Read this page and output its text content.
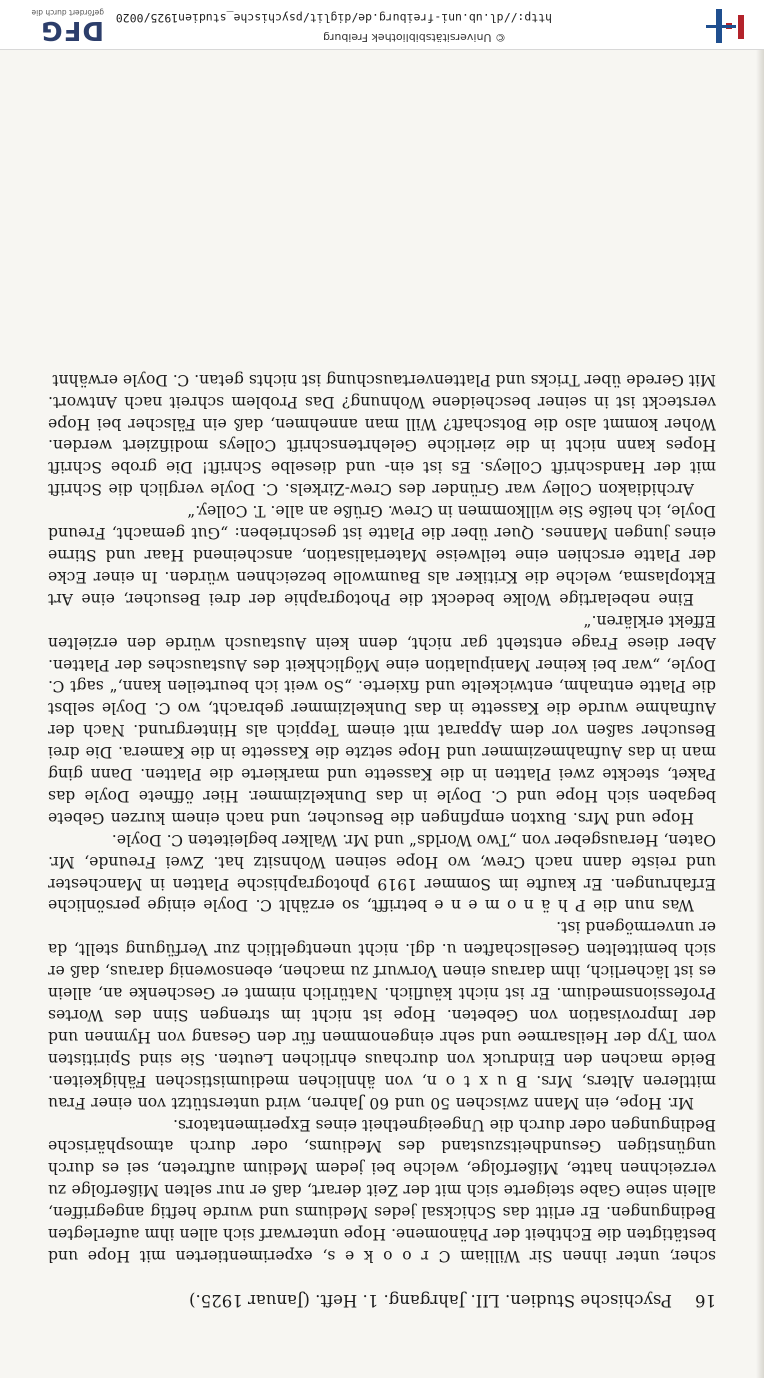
16
Psychische Studien. LII. Jahrgang. 1. Heft. (Januar 1925.)

scher, unter ihnen Sir William C r o o k e s, experimentierten mit Hope und bestätigten die Echtheit der Phänomene. Hope unterwarf sich allen ihm auferlegten Bedingungen. Er erlitt das Schicksal jedes Mediums und wurde heftig angegriffen, allein seine Gabe steigerte sich mit der Zeit derart, daß er nur selten Mißerfolge zu verzeichnen hatte, Mißerfolge, welche bei jedem Medium auftreten, sei es durch ungünstigen Gesundheitszustand des Mediums, oder durch atmosphärische Bedingungen oder durch die Ungeeignetheit eines Experimentators.

Mr. Hope, ein Mann zwischen 50 und 60 Jahren, wird unterstützt von einer Frau mittleren Alters, Mrs. B u x t o n, von ähnlichen mediumistischen Fähigkeiten. Beide machen den Eindruck von durchaus ehrlichen Leuten. Sie sind Spiritisten vom Typ der Heilsarmee und sehr eingenommen für den Gesang von Hymnen und der Improvisation von Gebeten. Hope ist nicht im strengen Sinn des Wortes Professionsmedium. Er ist nicht käuflich. Natürlich nimmt er Geschenke an, allein es ist lächerlich, ihm daraus einen Vorwurf zu machen, ebensowenig daraus, daß er sich bemittelten Gesellschaften u. dgl. nicht unentgeltlich zur Verfügung stellt, da er unvermögend ist.

Was nun die P h ä n o m e n e betrifft, so erzählt C. Doyle einige persönliche Erfahrungen. Er kaufte im Sommer 1919 photographische Platten in Manchester und reiste dann nach Crew, wo Hope seinen Wohnsitz hat. Zwei Freunde, Mr. Oaten, Herausgeber von „Two Worlds“ und Mr. Walker begleiteten C. Doyle.

Hope und Mrs. Buxton empfingen die Besucher, und nach einem kurzen Gebete begaben sich Hope und C. Doyle in das Dunkelzimmer. Hier öffnete Doyle das Paket, steckte zwei Platten in die Kassette und markierte die Platten. Dann ging man in das Aufnahmezimmer und Hope setzte die Kassette in die Kamera. Die drei Besucher saßen vor dem Apparat mit einem Teppich als Hintergrund. Nach der Aufnahme wurde die Kassette in das Dunkelzimmer gebracht, wo C. Doyle selbst die Platte entnahm, entwickelte und fixierte. „So weit ich beurteilen kann,“ sagt C. Doyle, „war bei keiner Manipulation eine Möglichkeit des Austausches der Platten. Aber diese Frage entsteht gar nicht, denn kein Austausch würde den erzielten Effekt erklären.“

Eine nebelartige Wolke bedeckt die Photographie der drei Besucher, eine Art Ektoplasma, welche die Kritiker als Baumwolle bezeichnen würden. In einer Ecke der Platte erschien eine teilweise Materialisation, anscheinend Haar und Stirne eines jungen Mannes. Quer über die Platte ist geschrieben: „Gut gemacht, Freund Doyle, ich heiße Sie willkommen in Crew. Grüße an alle. T. Colley.“

Archidiakon Colley war Gründer des Crew-Zirkels. C. Doyle verglich die Schrift mit der Handschrift Colleys. Es ist ein- und dieselbe Schrift! Die grobe Schrift Hopes kann nicht in die zierliche Gelehrtenschrift Colleys modifiziert werden. Woher kommt also die Botschaft? Will man annehmen, daß ein Fälscher bei Hope versteckt ist in seiner bescheidene Wohnung? Das Problem schreit nach Antwort. Mit Gerede über Tricks und Plattenvertauschung ist nichts getan. C. Doyle erwähnt

http://dl.ub.uni-freiburg.de/diglit/psychische_studien1925/0020
© Universitätsbibliothek Freiburg
DFG
gefördert durch die
